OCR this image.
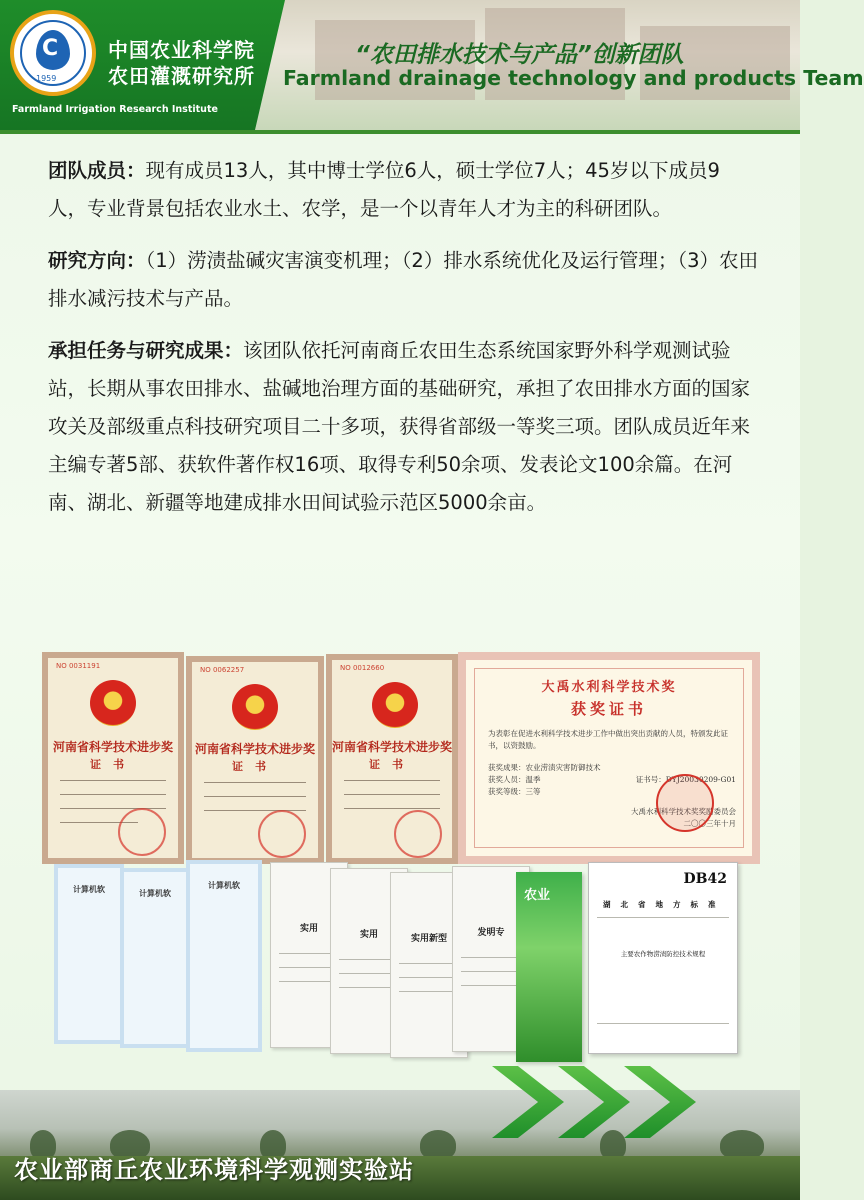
C
1959
中国农业科学院
农田灌溉研究所
Farmland Irrigation Research Institute
“农田排水技术与产品”创新团队
Farmland drainage technology and products Team

团队成员：现有成员13人，其中博士学位6人，硕士学位7人；45岁以下成员9人，专业背景包括农业水土、农学，是一个以青年人才为主的科研团队。

研究方向：（1）涝渍盐碱灾害演变机理；（2）排水系统优化及运行管理；（3）农田排水减污技术与产品。

承担任务与研究成果：该团队依托河南商丘农田生态系统国家野外科学观测试验站，长期从事农田排水、盐碱地治理方面的基础研究，承担了农田排水方面的国家攻关及部级重点科技研究项目二十多项，获得省部级一等奖三项。团队成员近年来主编专著5部、获软件著作权16项、取得专利50余项、发表论文100余篇。在河南、湖北、新疆等地建成排水田间试验示范区5000余亩。

NO 0031191
河南省科学技术进步奖
证书
NO 0062257
河南省科学技术进步奖
证书
NO 0012660
河南省科学技术进步奖
证书
大禹水利科学技术奖
获奖证书
为表彰在促进水利科学技术进步工作中做出突出贡献的人员，特颁发此证书，以资鼓励。
获奖成果：农业涝渍灾害防御技术
获奖人员：温季
获奖等级：三等
证书号：DYJ20030209-G01
大禹水利科学技术奖奖励委员会
二〇〇三年十月
计算机软	计算机软
计算机软
实用
实用	实用新型
发明专
农业
DB42
湖北省地方标准
主要农作物涝渍防控技术规程
农业部商丘农业环境科学观测实验站
